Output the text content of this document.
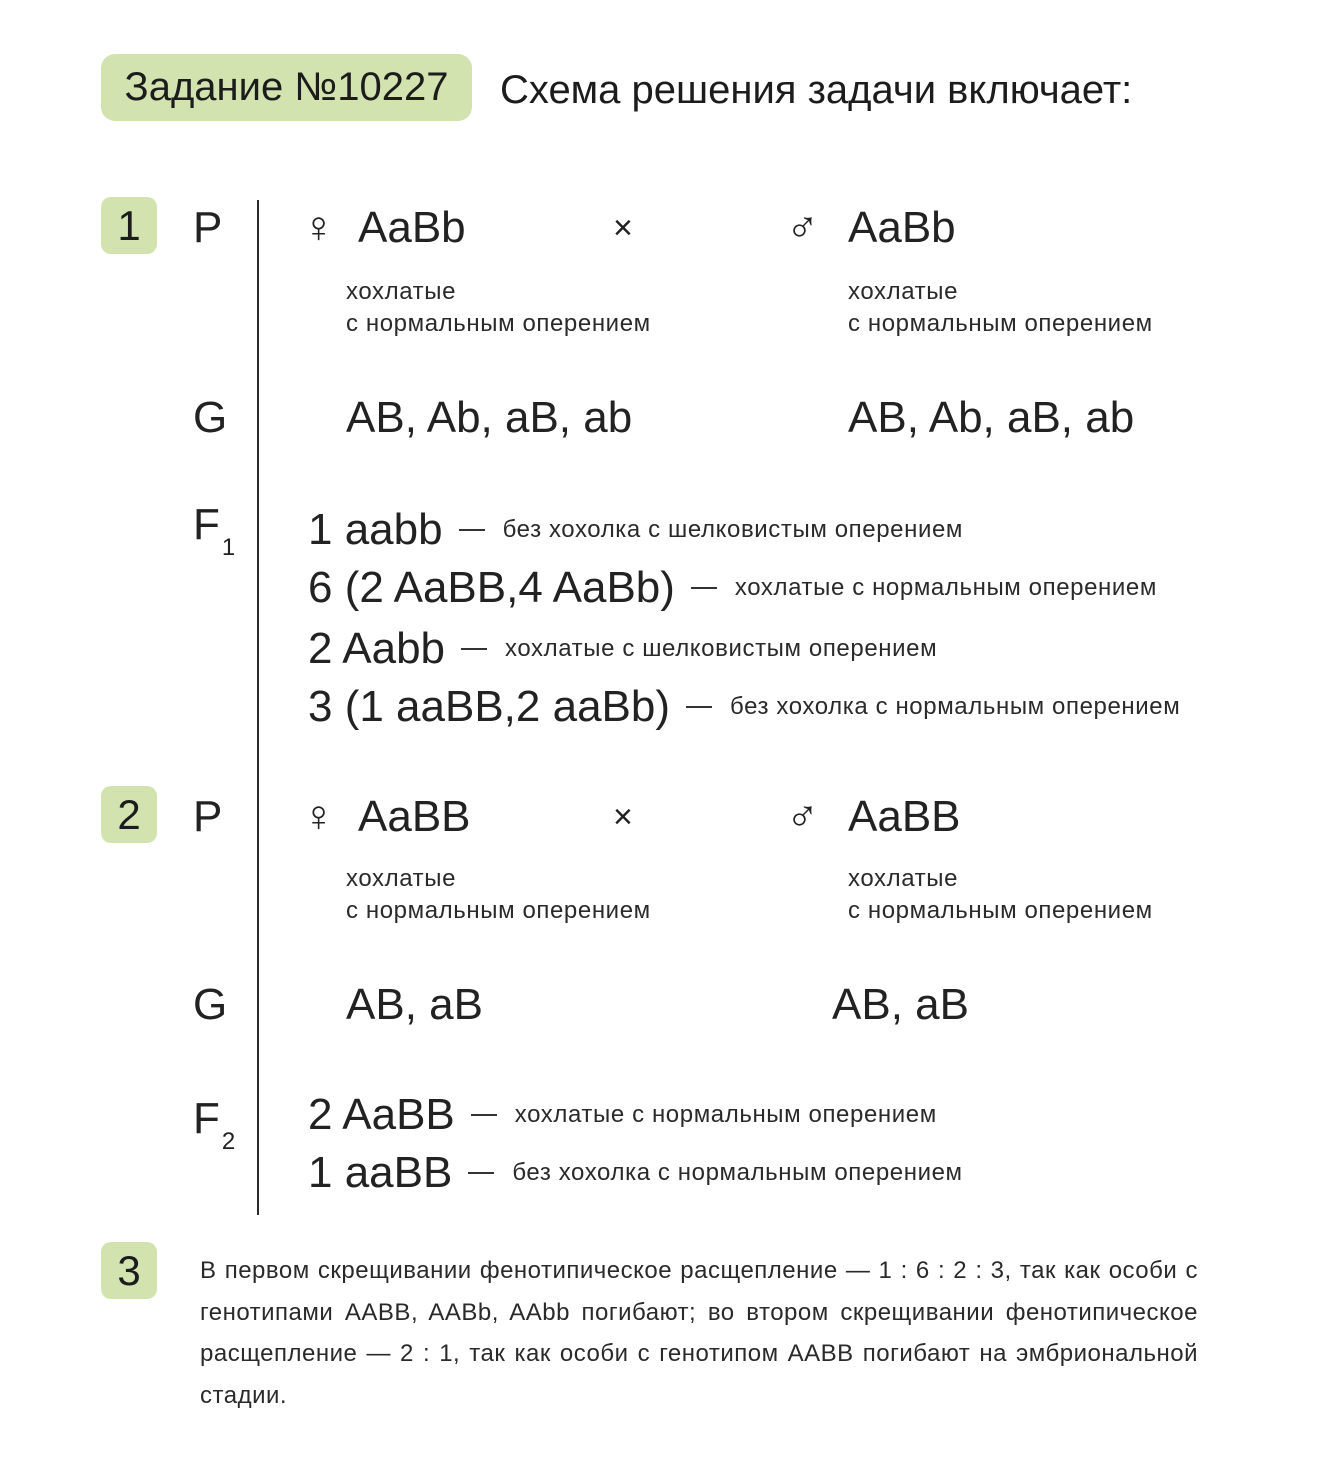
Задание №10227	Схема решения задачи включает:
1	P ♀ AaBb	×	♂ AaBb
хохлатые
с нормальным оперением
хохлатые
с нормальным оперением
G	AB, Ab, aB, ab	AB, Ab, aB, ab
$F_1$ 1 aabb	без хохолка с шелковистым оперением
6 (2 AaBB,4 AaBb)	хохлатые с нормальным оперением
2 Aabb	хохлатые с шелковистым оперением
3 (1 aaBB,2 aaBb)	без хохолка с нормальным оперением
2	P ♀ AaBB	×	♂ AaBB
хохлатые
с нормальным оперением
хохлатые
с нормальным оперением
G	AB, aB	AB, aB
$F_2$
2 AaBB	хохлатые с нормальным оперением
1 aaBB	без хохолка с нормальным оперением
3	В первом скрещивании фенотипическое расщепление — 1 : 6 : 2 : 3, так как особи с генотипами AABB, AABb, AAbb погибают; во втором скрещивании фенотипическое расщепление — 2 : 1, так как особи с генотипом AABB погибают на эмбриональной стадии.
